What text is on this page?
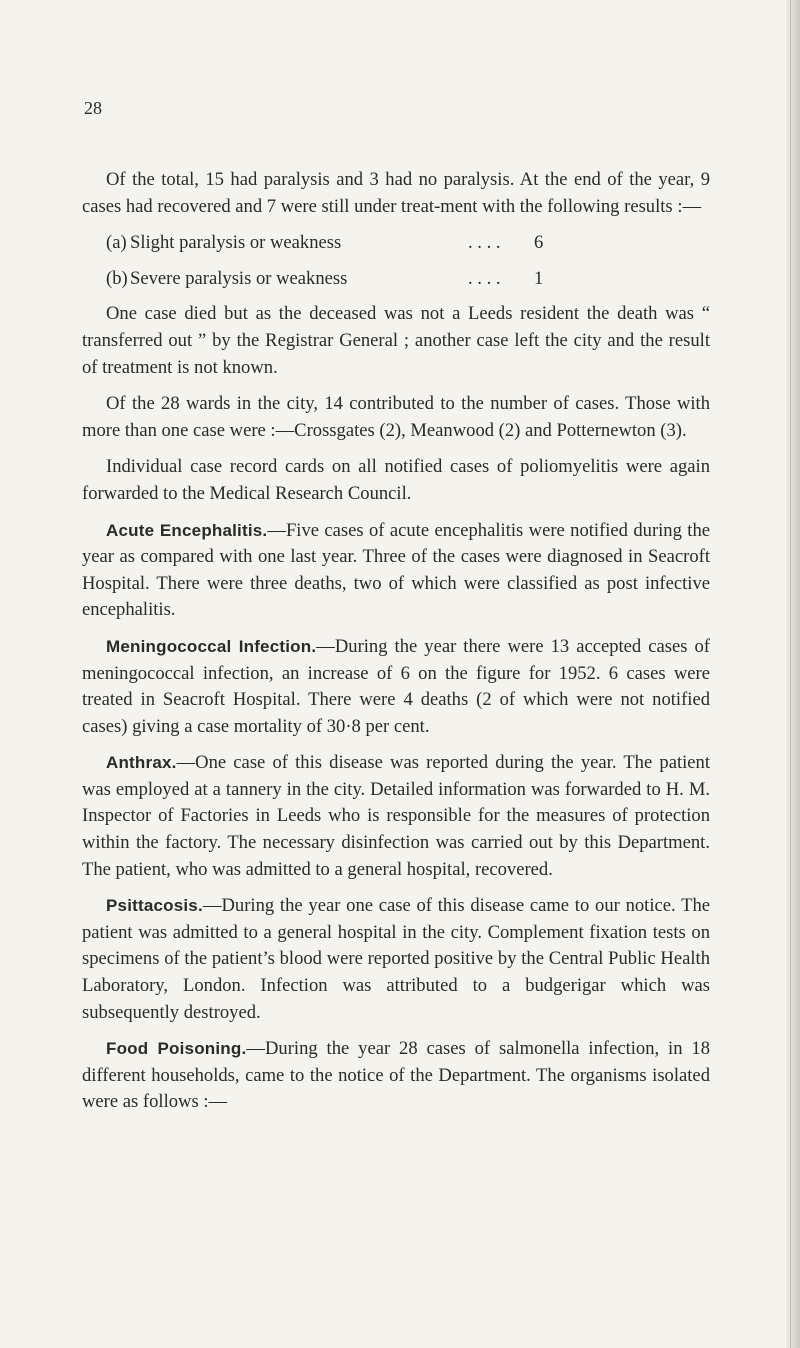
28

Of the total, 15 had paralysis and 3 had no paralysis. At the end of the year, 9 cases had recovered and 7 were still under treat-ment with the following results :—

(a) Slight paralysis or weakness	. . . .	6
(b) Severe paralysis or weakness	. . . .	1

One case died but as the deceased was not a Leeds resident the death was “ transferred out ” by the Registrar General ; another case left the city and the result of treatment is not known.

Of the 28 wards in the city, 14 contributed to the number of cases. Those with more than one case were :—Crossgates (2), Meanwood (2) and Potternewton (3).

Individual case record cards on all notified cases of poliomyelitis were again forwarded to the Medical Research Council.

Acute Encephalitis.—Five cases of acute encephalitis were notified during the year as compared with one last year. Three of the cases were diagnosed in Seacroft Hospital. There were three deaths, two of which were classified as post infective encephalitis.

Meningococcal Infection.—During the year there were 13 accepted cases of meningococcal infection, an increase of 6 on the figure for 1952. 6 cases were treated in Seacroft Hospital. There were 4 deaths (2 of which were not notified cases) giving a case mortality of 30·8 per cent.

Anthrax.—One case of this disease was reported during the year. The patient was employed at a tannery in the city. Detailed information was forwarded to H. M. Inspector of Factories in Leeds who is responsible for the measures of protection within the factory. The necessary disinfection was carried out by this Department. The patient, who was admitted to a general hospital, recovered.

Psittacosis.—During the year one case of this disease came to our notice. The patient was admitted to a general hospital in the city. Complement fixation tests on specimens of the patient’s blood were reported positive by the Central Public Health Laboratory, London. Infection was attributed to a budgerigar which was subsequently destroyed.

Food Poisoning.—During the year 28 cases of salmonella infection, in 18 different households, came to the notice of the Department. The organisms isolated were as follows :—
